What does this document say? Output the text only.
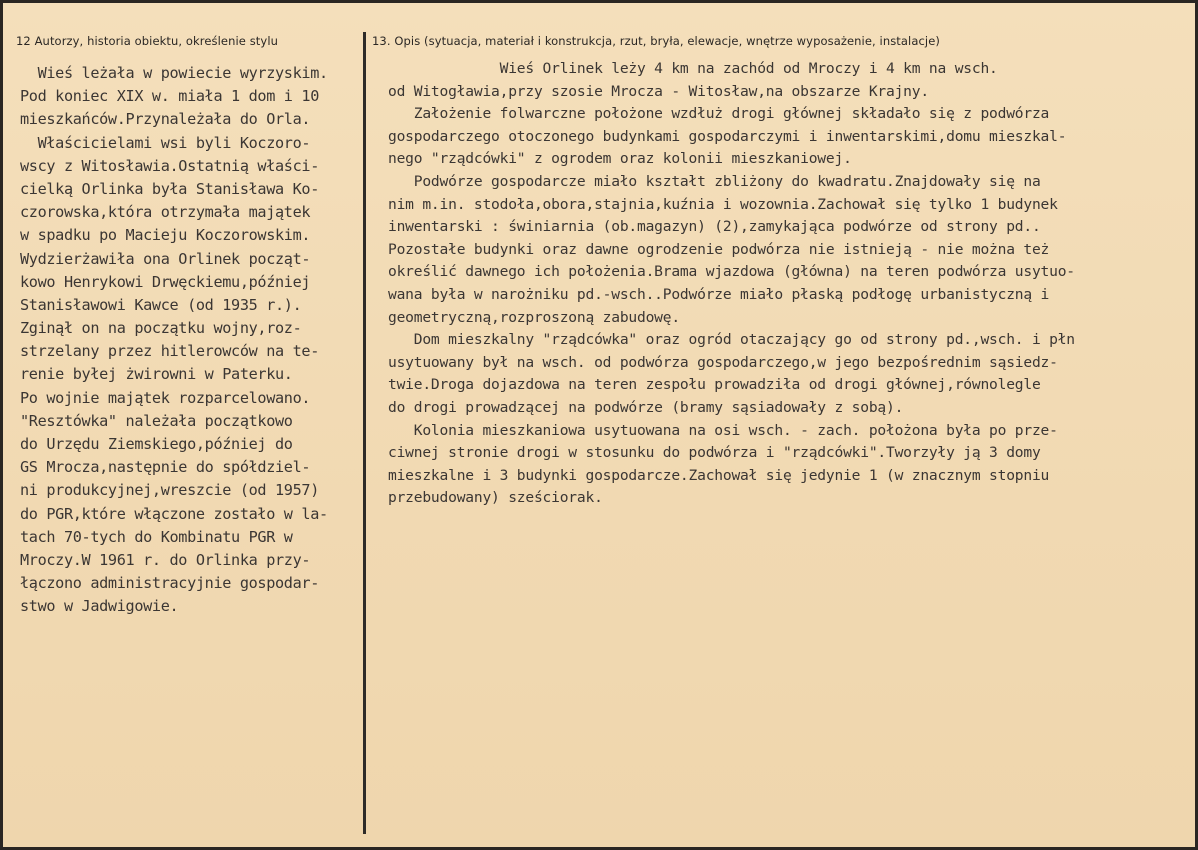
12 Autorzy, historia obiektu, określenie stylu	13. Opis (sytuacja, materiał i konstrukcja, rzut, bryła, elewacje, wnętrze wyposażenie, instalacje)
Wieś leżała w powiecie wyrzyskim.
Pod koniec XIX w. miała 1 dom i 10
mieszkańców.Przynależała do Orla.
Właścicielami wsi byli Koczoro-
wscy z Witosławia.Ostatnią właści-
cielką Orlinka była Stanisława Ko-
czorowska,która otrzymała majątek
w spadku po Macieju Koczorowskim.
Wydzierżawiła ona Orlinek począt-
kowo Henrykowi Drwęckiemu,później
Stanisławowi Kawce (od 1935 r.).
Zginął on na początku wojny,roz-
strzelany przez hitlerowców na te-
renie byłej żwirowni w Paterku.
Po wojnie majątek rozparcelowano.
"Resztówka" należała początkowo
do Urzędu Ziemskiego,później do
GS Mrocza,następnie do spółdziel-
ni produkcyjnej,wreszcie (od 1957)
do PGR,które włączone zostało w la-
tach 70-tych do Kombinatu PGR w
Mroczy.W 1961 r. do Orlinka przy-
łączono administracyjnie gospodar-
stwo w Jadwigowie.
Wieś Orlinek leży 4 km na zachód od Mroczy i 4 km na wsch.
od Witogławia,przy szosie Mrocza - Witosław,na obszarze Krajny.
Założenie folwarczne położone wzdłuż drogi głównej składało się z podwórza
gospodarczego otoczonego budynkami gospodarczymi i inwentarskimi,domu mieszkal-
nego "rządcówki" z ogrodem oraz kolonii mieszkaniowej.
Podwórze gospodarcze miało kształt zbliżony do kwadratu.Znajdowały się na
nim m.in. stodoła,obora,stajnia,kuźnia i wozownia.Zachował się tylko 1 budynek
inwentarski : świniarnia (ob.magazyn) (2),zamykająca podwórze od strony pd..
Pozostałe budynki oraz dawne ogrodzenie podwórza nie istnieją - nie można też
określić dawnego ich położenia.Brama wjazdowa (główna) na teren podwórza usytuo-
wana była w narożniku pd.-wsch..Podwórze miało płaską podłogę urbanistyczną i
geometryczną,rozproszoną zabudowę.
Dom mieszkalny "rządcówka" oraz ogród otaczający go od strony pd.,wsch. i płn
usytuowany był na wsch. od podwórza gospodarczego,w jego bezpośrednim sąsiedz-
twie.Droga dojazdowa na teren zespołu prowadziła od drogi głównej,równolegle
do drogi prowadzącej na podwórze (bramy sąsiadowały z sobą).
Kolonia mieszkaniowa usytuowana na osi wsch. - zach. położona była po prze-
ciwnej stronie drogi w stosunku do podwórza i "rządcówki".Tworzyły ją 3 domy
mieszkalne i 3 budynki gospodarcze.Zachował się jedynie 1 (w znacznym stopniu
przebudowany) sześciorak.
